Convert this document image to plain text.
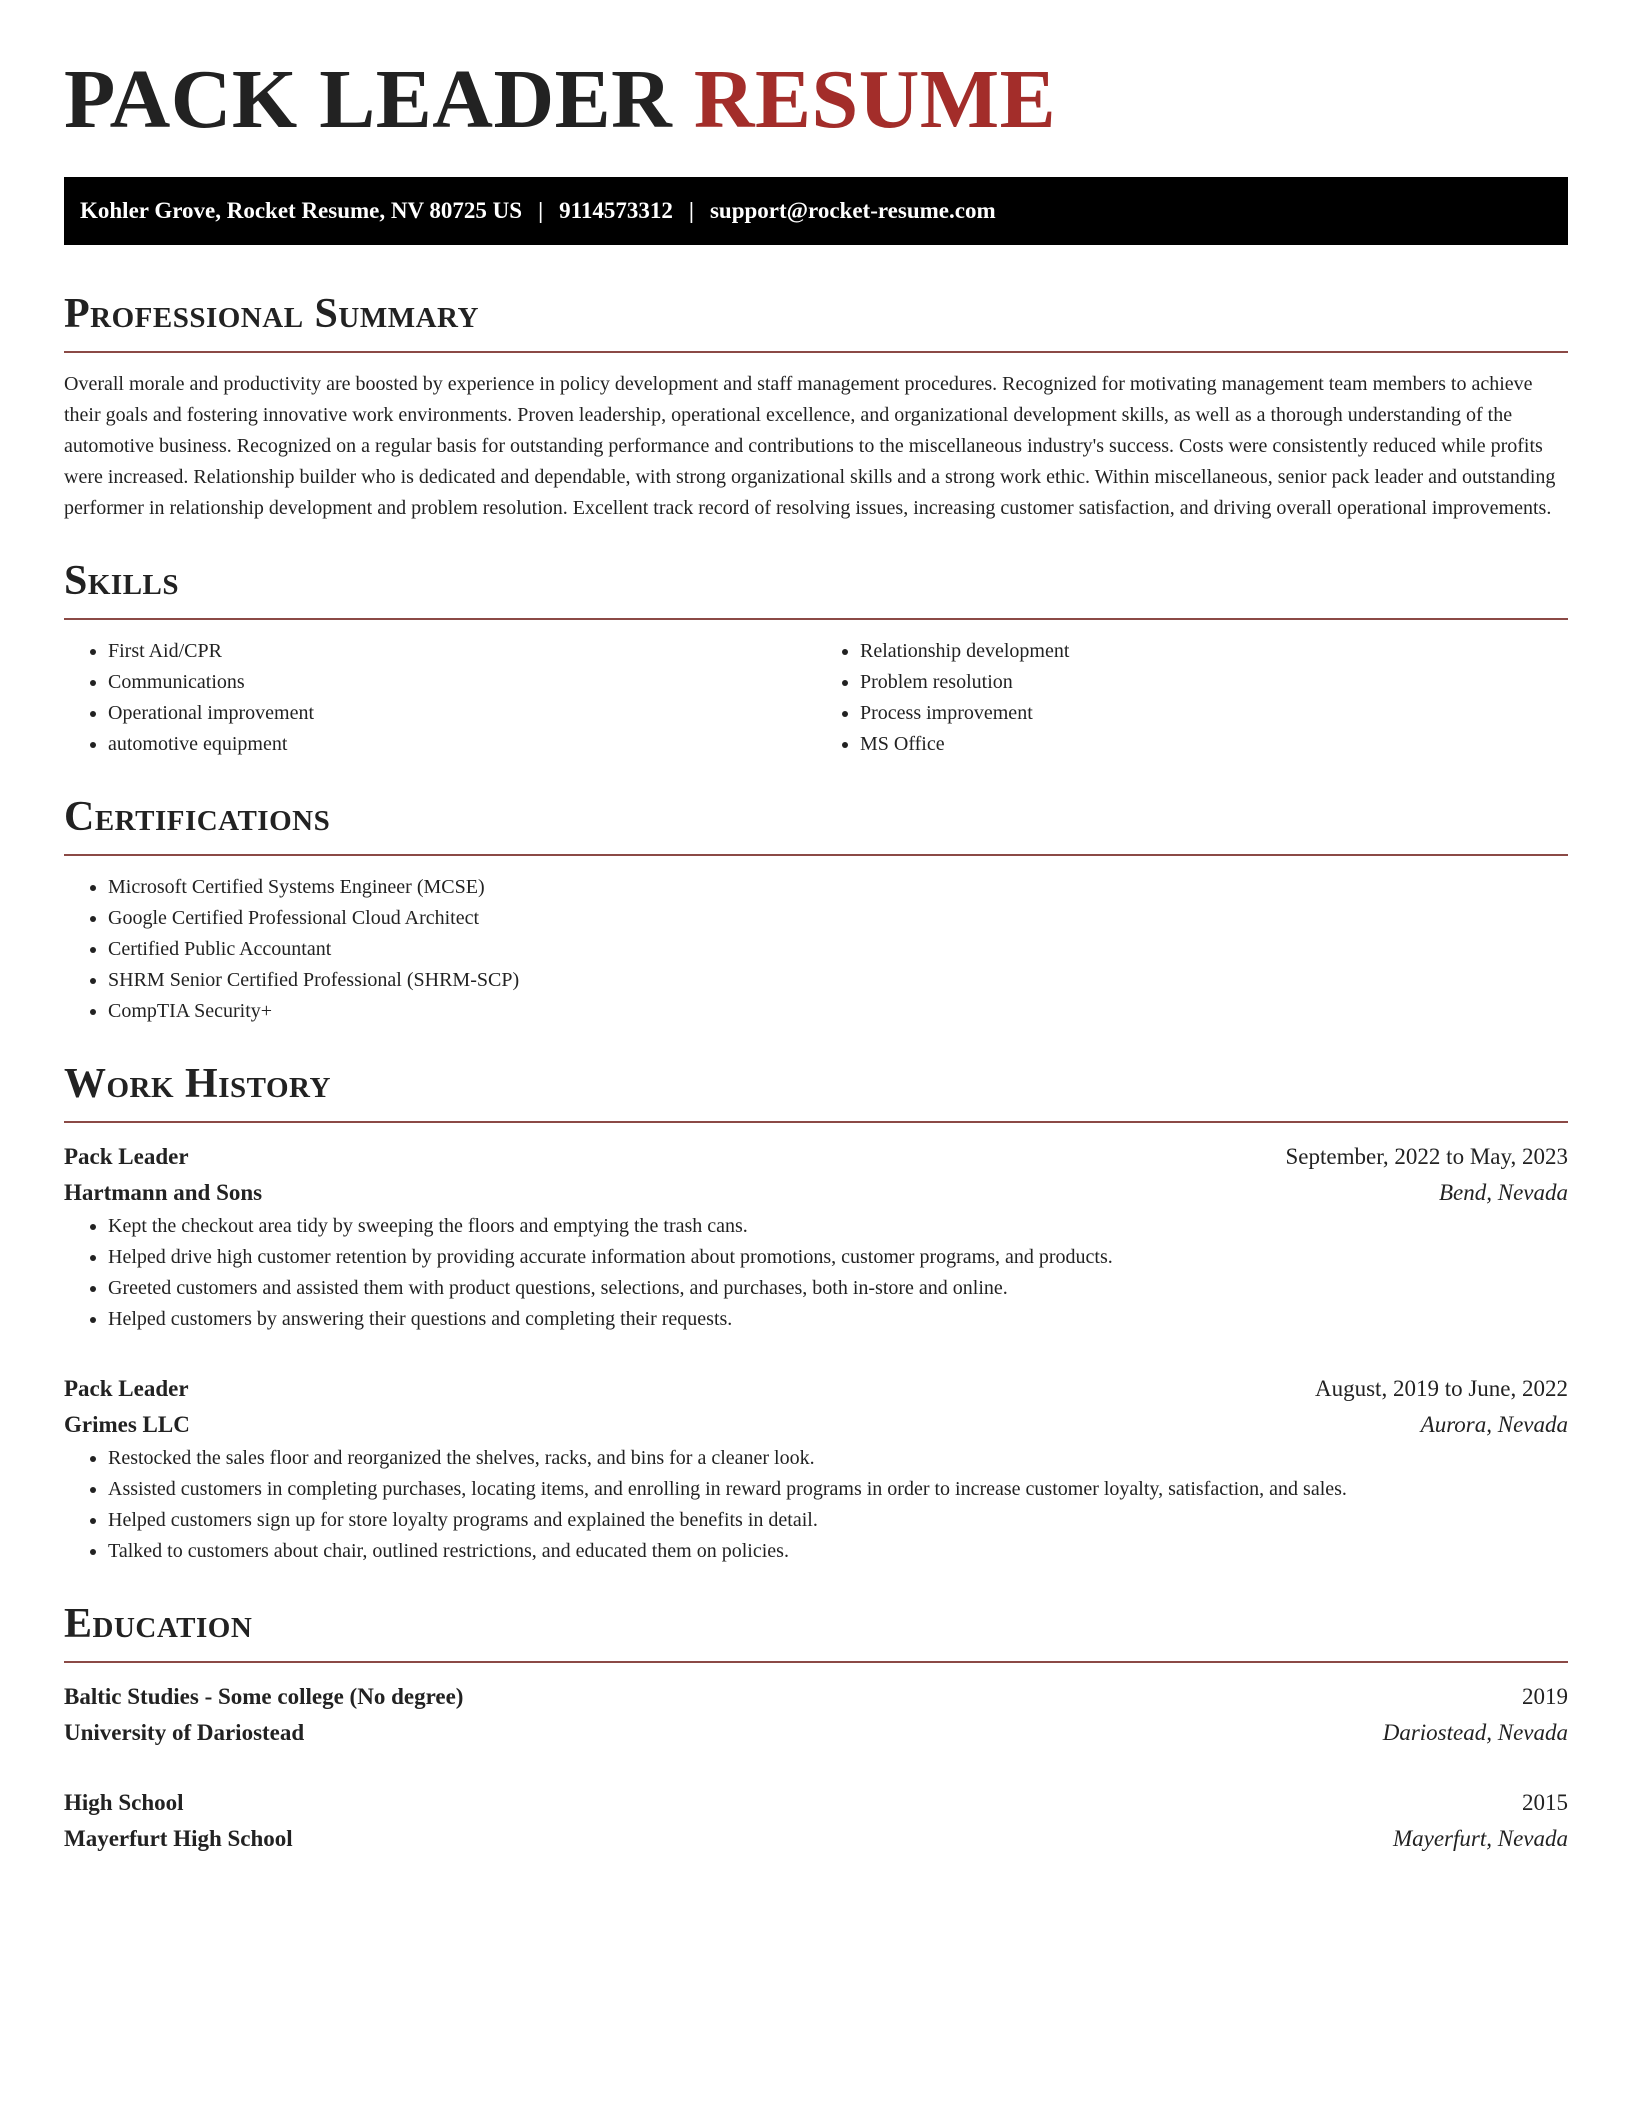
PACK LEADER RESUME
Kohler Grove, Rocket Resume, NV 80725 US | 9114573312 | support@rocket-resume.com
Professional Summary

Overall morale and productivity are boosted by experience in policy development and staff management procedures. Recognized for motivating management team members to achieve their goals and fostering innovative work environments. Proven leadership, operational excellence, and organizational development skills, as well as a thorough understanding of the automotive business. Recognized on a regular basis for outstanding performance and contributions to the miscellaneous industry's success. Costs were consistently reduced while profits were increased. Relationship builder who is dedicated and dependable, with strong organizational skills and a strong work ethic. Within miscellaneous, senior pack leader and outstanding performer in relationship development and problem resolution. Excellent track record of resolving issues, increasing customer satisfaction, and driving overall operational improvements.

Skills
• First Aid/CPR
• Communications
• Operational improvement
• automotive equipment
• Relationship development
• Problem resolution
• Process improvement
• MS Office
Certifications
• Microsoft Certified Systems Engineer (MCSE)
• Google Certified Professional Cloud Architect
• Certified Public Accountant
• SHRM Senior Certified Professional (SHRM-SCP)
• CompTIA Security+
Work History
Pack Leader	September, 2022 to May, 2023
Hartmann and Sons	Bend, Nevada
• Kept the checkout area tidy by sweeping the floors and emptying the trash cans.
• Helped drive high customer retention by providing accurate information about promotions, customer programs, and products.
• Greeted customers and assisted them with product questions, selections, and purchases, both in-store and online.
• Helped customers by answering their questions and completing their requests.
Pack Leader	August, 2019 to June, 2022
Grimes LLC	Aurora, Nevada
• Restocked the sales floor and reorganized the shelves, racks, and bins for a cleaner look.
• Assisted customers in completing purchases, locating items, and enrolling in reward programs in order to increase customer loyalty, satisfaction, and sales.
• Helped customers sign up for store loyalty programs and explained the benefits in detail.
• Talked to customers about chair, outlined restrictions, and educated them on policies.
Education
Baltic Studies - Some college (No degree)	2019
University of Dariostead	Dariostead, Nevada
High School	2015
Mayerfurt High School	Mayerfurt, Nevada
